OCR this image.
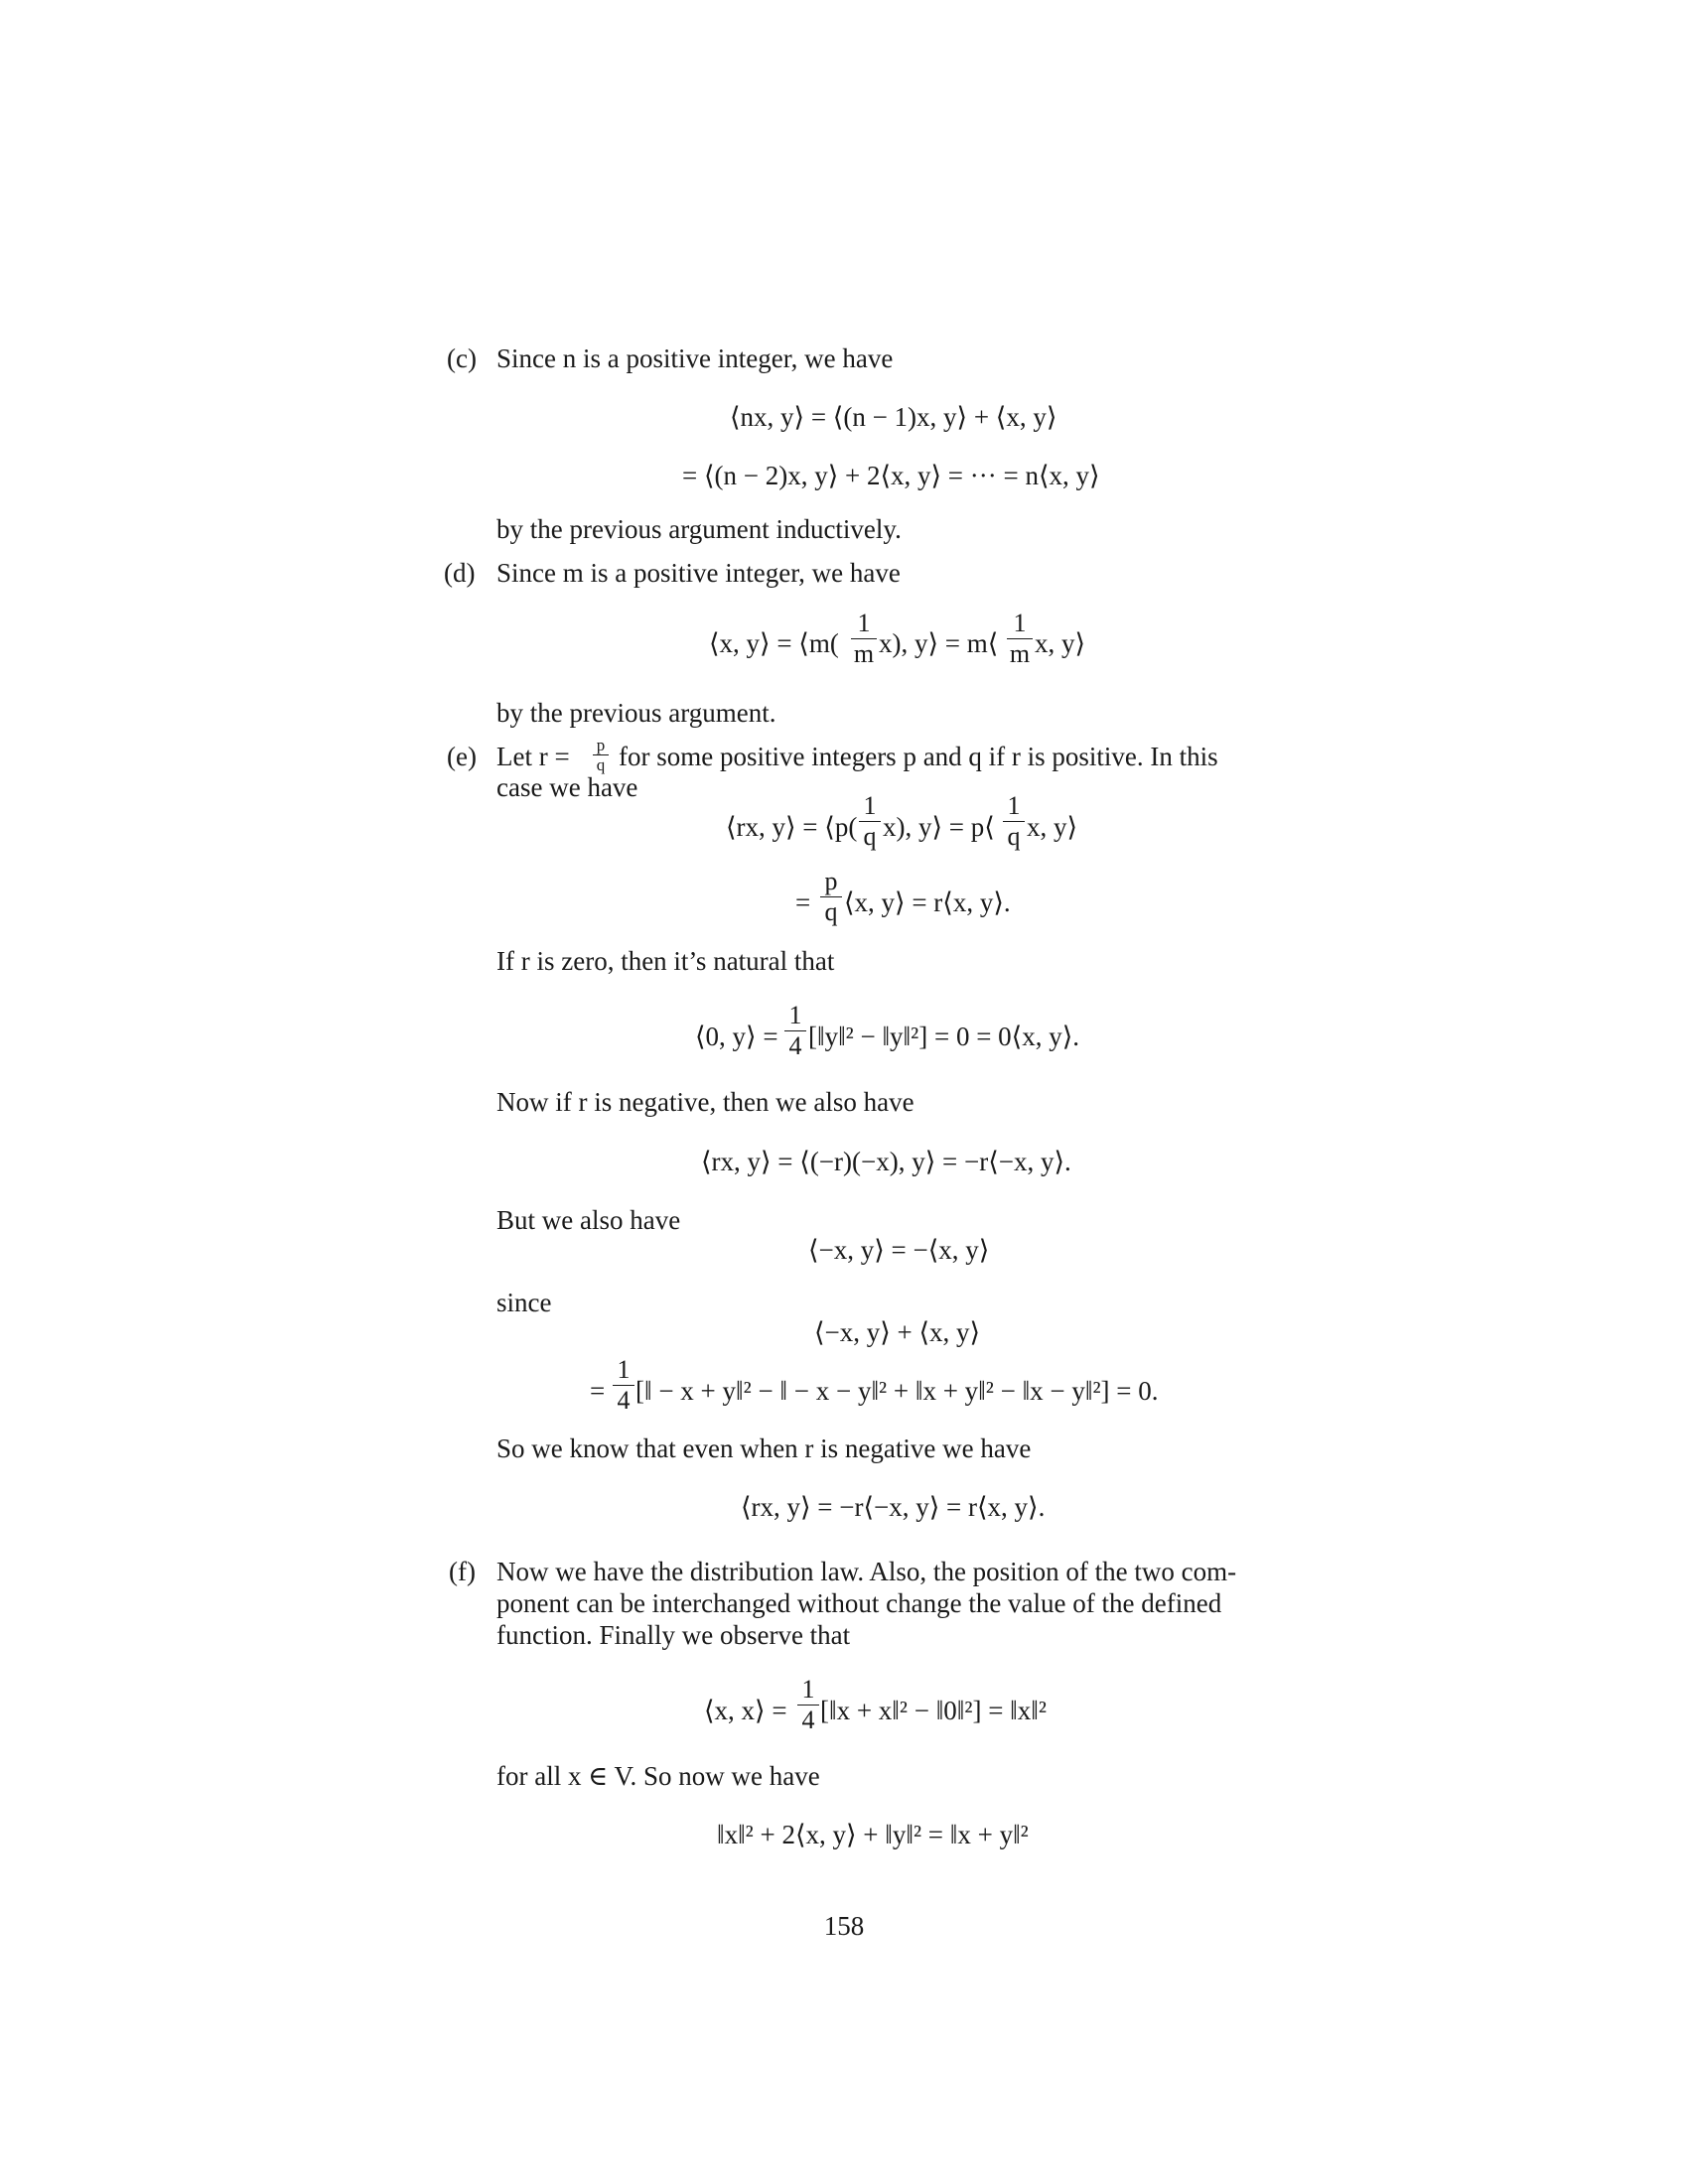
(c) Since n is a positive integer, we have
⟨nx, y⟩ = ⟨(n − 1)x, y⟩ + ⟨x, y⟩
= ⟨(n − 2)x, y⟩ + 2⟨x, y⟩ = ··· = n⟨x, y⟩
by the previous argument inductively.
(d) Since m is a positive integer, we have
⟨x, y⟩ = ⟨m(
1
m x), y⟩ = m⟨
1
m x, y⟩
by the previous argument.
(e) Let r = p
q for some positive integers p and q if r is positive. In this
case we have
⟨rx, y⟩ = ⟨p(
1
q x), y⟩ = p⟨
1
q x, y⟩
=
p
q ⟨x, y⟩ = r⟨x, y⟩.
If r is zero, then it’s natural that
⟨0, y⟩ =
1
4 [‖y‖² − ‖y‖²] = 0 = 0⟨x, y⟩.
Now if r is negative, then we also have
⟨rx, y⟩ = ⟨(−r)(−x), y⟩ = −r⟨−x, y⟩.
But we also have
⟨−x, y⟩ = −⟨x, y⟩
since
⟨−x, y⟩ + ⟨x, y⟩
=
1
4 [‖ − x + y‖² − ‖ − x − y‖² + ‖x + y‖² − ‖x − y‖²] = 0.
So we know that even when r is negative we have
⟨rx, y⟩ = −r⟨−x, y⟩ = r⟨x, y⟩.
(f) Now we have the distribution law. Also, the position of the two com-
ponent can be interchanged without change the value of the defined
function. Finally we observe that
⟨x, x⟩ =
1
4 [‖x + x‖² − ‖0‖²] = ‖x‖²
for all x ∈ V. So now we have
‖x‖² + 2⟨x, y⟩ + ‖y‖² = ‖x + y‖²
158
